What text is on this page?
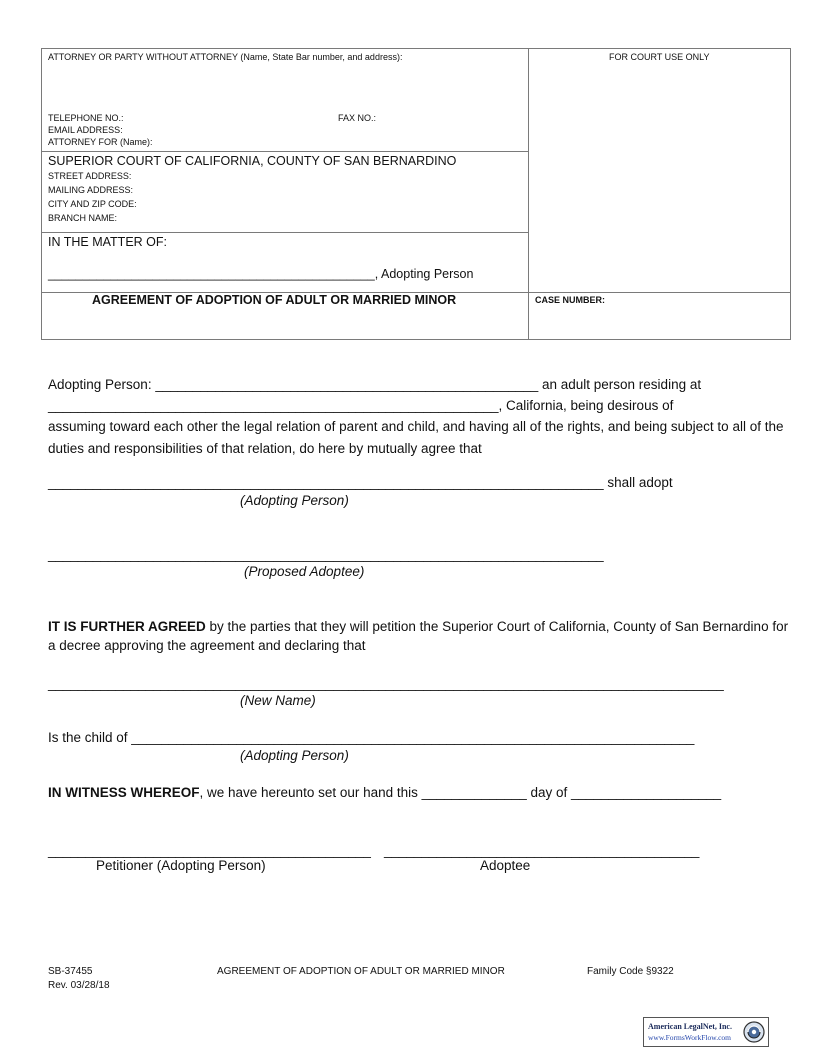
ATTORNEY OR PARTY WITHOUT ATTORNEY (Name, State Bar number, and address):	FOR COURT USE ONLY
TELEPHONE NO.:	FAX NO.:
EMAIL ADDRESS:
ATTORNEY FOR (Name):
SUPERIOR COURT OF CALIFORNIA, COUNTY OF SAN BERNARDINO
STREET ADDRESS:
MAILING ADDRESS:
CITY AND ZIP CODE:
BRANCH NAME:
IN THE MATTER OF:
_______________________________________________, Adopting Person
AGREEMENT OF ADOPTION OF ADULT OR MARRIED MINOR	CASE NUMBER:
Adopting Person: ___________________________________________________ an adult person residing at
____________________________________________________________, California, being desirous of
assuming toward each other the legal relation of parent and child, and having all of the rights, and being subject to all of the
duties and responsibilities of that relation, do here by mutually agree that
__________________________________________________________________________ shall adopt
(Adopting Person)
__________________________________________________________________________
(Proposed Adoptee)
IT IS FURTHER AGREED by the parties that they will petition the Superior Court of California, County of San Bernardino for
a decree approving the agreement and declaring that
__________________________________________________________________________________________
(New Name)
Is the child of ___________________________________________________________________________
(Adopting Person)
IN WITNESS WHEREOF, we have hereunto set our hand this ______________ day of ____________________
___________________________________________ __________________________________________
Petitioner (Adopting Person)	Adoptee
SB-37455
Rev. 03/28/18
AGREEMENT OF ADOPTION OF ADULT OR MARRIED MINOR	Family Code §9322
American LegalNet, Inc.
www.FormsWorkFlow.com
